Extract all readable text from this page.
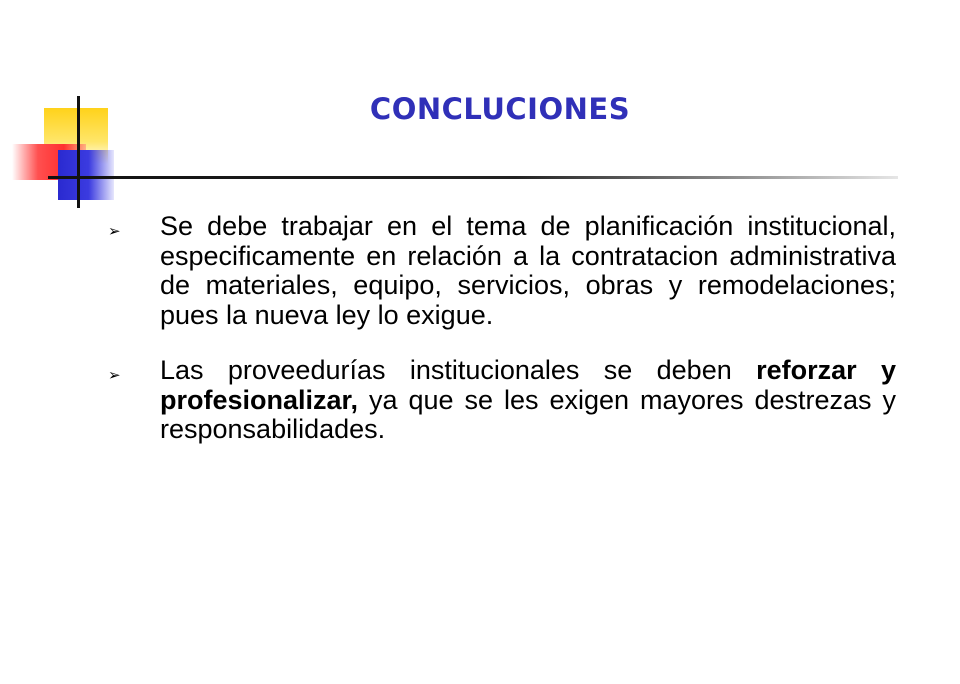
CONCLUCIONES
➢ Se debe trabajar en el tema de planificación institucional, especificamente en relación a la contratacion administrativa de materiales, equipo, servicios, obras y remodelaciones; pues la nueva ley lo exigue.
➢ Las proveedurías institucionales se deben reforzar y profesionalizar, ya que se les exigen mayores destrezas y responsabilidades.
